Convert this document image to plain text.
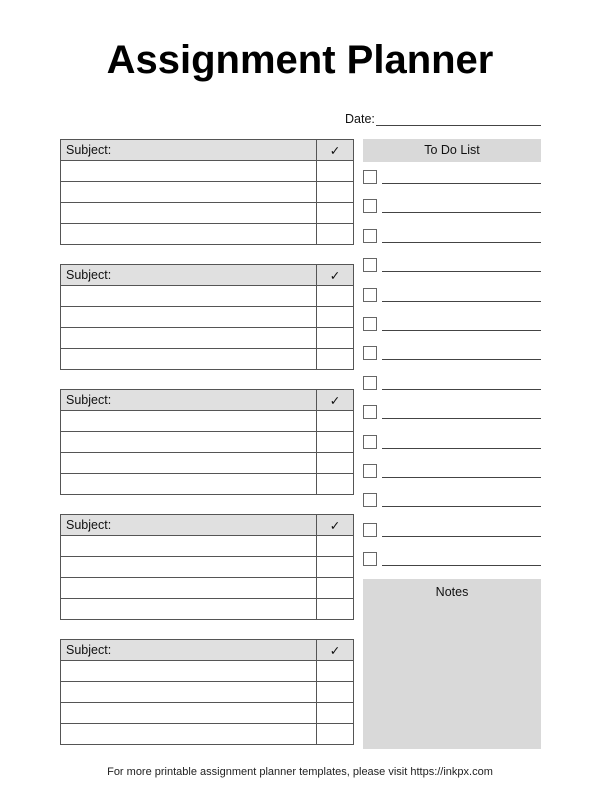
Assignment Planner
Date:
Subject:	✓

Subject:	✓

Subject:	✓

Subject:	✓

Subject:	✓

To Do List
Notes
For more printable assignment planner templates, please visit https://inkpx.com
